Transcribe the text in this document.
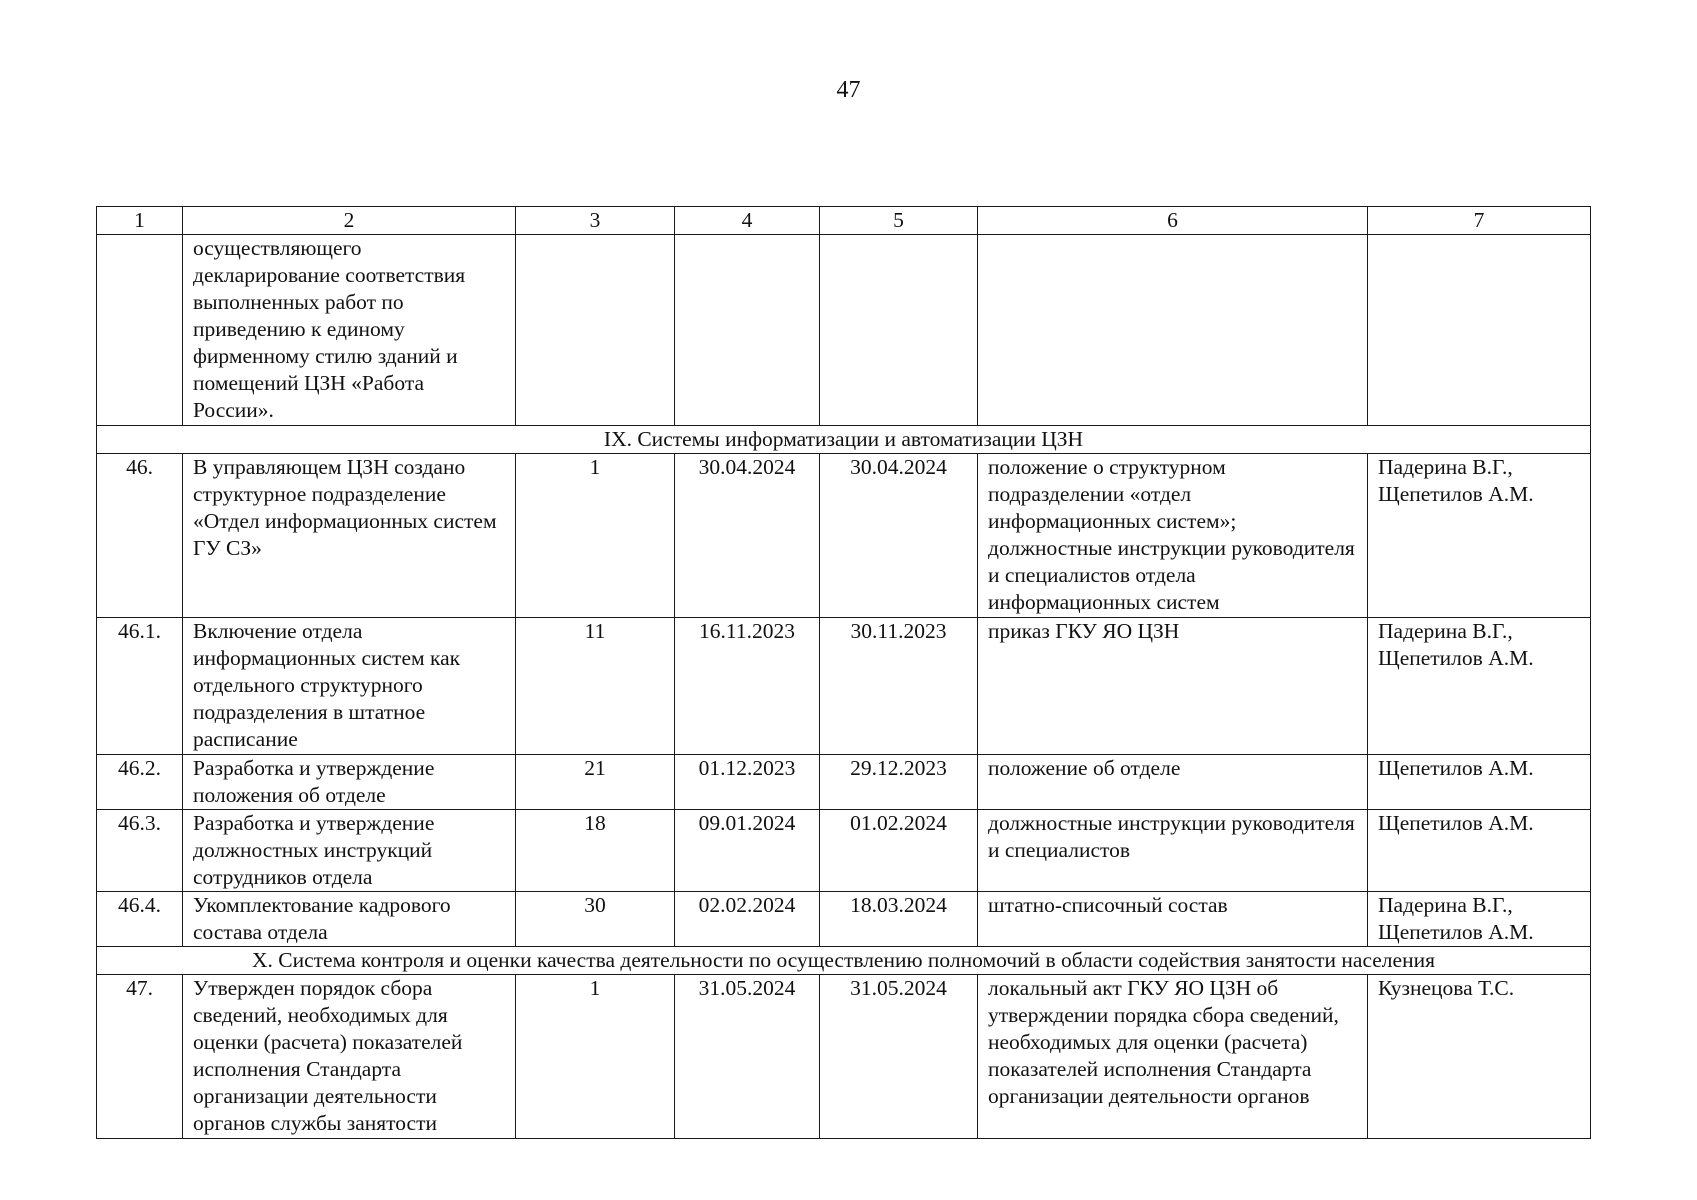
47
1	2	3	4	5	6	7
	осуществляющего декларирование соответствия выполненных работ по приведению к единому фирменному стилю зданий и помещений ЦЗН «Работа России».					
IX. Системы информатизации и автоматизации ЦЗН						
46.	В управляющем ЦЗН создано структурное подразделение «Отдел информационных систем ГУ СЗ»	1	30.04.2024	30.04.2024	положение о структурном подразделении «отдел информационных систем»; должностные инструкции руководителя и специалистов отдела информационных систем	Падерина В.Г., Щепетилов А.М.
46.1.	Включение отдела информационных систем как отдельного структурного подразделения в штатное расписание	11	16.11.2023	30.11.2023	приказ ГКУ ЯО ЦЗН	Падерина В.Г., Щепетилов А.М.
46.2.	Разработка и утверждение положения об отделе	21	01.12.2023	29.12.2023	положение об отделе	Щепетилов А.М.
46.3.	Разработка и утверждение должностных инструкций сотрудников отдела	18	09.01.2024	01.02.2024	должностные инструкции руководителя и специалистов	Щепетилов А.М.
46.4.	Укомплектование кадрового состава отдела	30	02.02.2024	18.03.2024	штатно-списочный состав	Падерина В.Г., Щепетилов А.М.
X. Система контроля и оценки качества деятельности по осуществлению полномочий в области содействия занятости населения						
47.	Утвержден порядок сбора сведений, необходимых для оценки (расчета) показателей исполнения Стандарта организации деятельности органов службы занятости	1	31.05.2024	31.05.2024	локальный акт ГКУ ЯО ЦЗН об утверждении порядка сбора сведений, необходимых для оценки (расчета) показателей исполнения Стандарта организации деятельности органов	Кузнецова Т.С.
